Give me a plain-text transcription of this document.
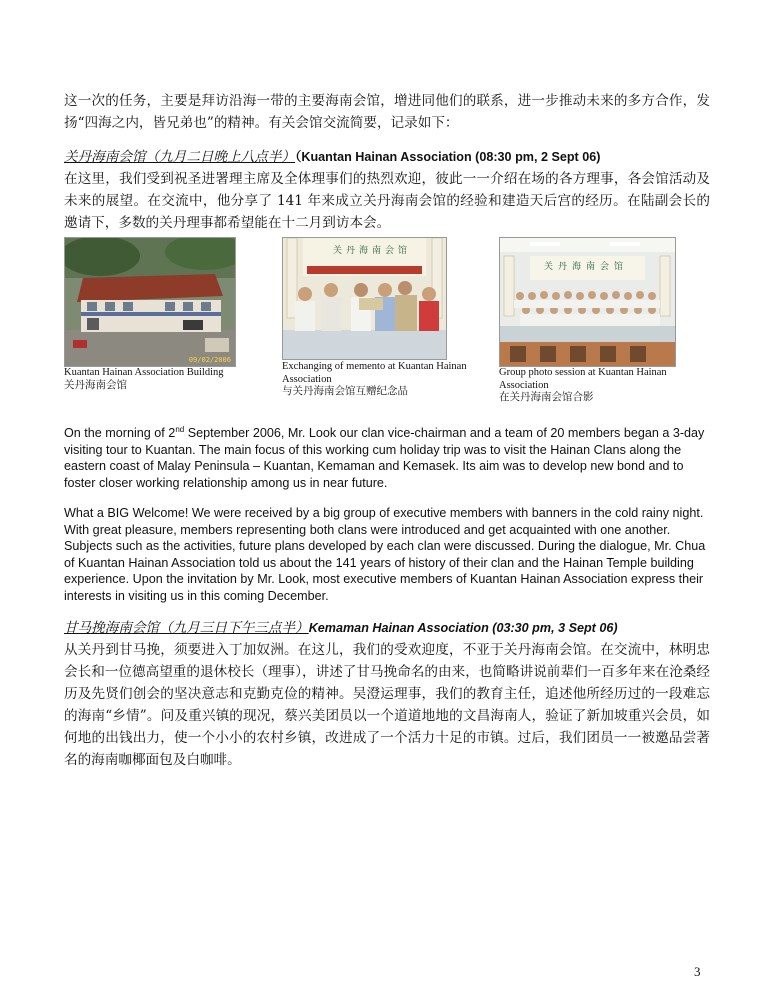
这一次的任务，主要是拜访沿海一带的主要海南会馆，增进同他们的联系，进一步推动未来的多方合作，发扬“四海之内，皆兄弟也”的精神。有关会馆交流简要，记录如下：

关丹海南会馆（九月二日晚上八点半）（Kuantan Hainan Association (08:30 pm, 2 Sept 06)
在这里，我们受到祝圣进署理主席及全体理事们的热烈欢迎，彼此一一介绍在场的各方理事，各会馆活动及未来的展望。在交流中，他分享了 141 年来成立关丹海南会馆的经验和建造天后宫的经历。在陆副会长的邀请下，多数的关丹理事都希望能在十二月到访本会。

09/02/2006

Kuantan Hainan Association Building
关丹海南会馆

关丹海南会馆

Exchanging of memento at Kuantan Hainan Association
与关丹海南会馆互赠纪念品

关丹海南会馆

Group photo session at Kuantan Hainan Association
在关丹海南会馆合影

On the morning of 2nd September 2006, Mr. Look our clan vice-chairman and a team of 20 members began a 3-day visiting tour to Kuantan. The main focus of this working cum holiday trip was to visit the Hainan Clans along the eastern coast of Malay Peninsula – Kuantan, Kemaman and Kemasek. Its aim was to develop new bond and to foster closer working relationship among us in near future.

What a BIG Welcome! We were received by a big group of executive members with banners in the cold rainy night. With great pleasure, members representing both clans were introduced and get acquainted with one another. Subjects such as the activities, future plans developed by each clan were discussed. During the dialogue, Mr. Chua of Kuantan Hainan Association told us about the 141 years of history of their clan and the Hainan Temple building experience. Upon the invitation by Mr. Look, most executive members of Kuantan Hainan Association express their interests in visiting us in this coming December.

甘马挽海南会馆（九月三日下午三点半）Kemaman Hainan Association (03:30 pm, 3 Sept 06)
从关丹到甘马挽，须要进入丁加奴洲。在这儿，我们的受欢迎度，不亚于关丹海南会馆。在交流中，林明忠会长和一位德高望重的退休校长（理事），讲述了甘马挽命名的由来，也简略讲说前辈们一百多年来在沧桑经历及先贤们创会的坚决意志和克勤克俭的精神。吴澄运理事，我们的教育主任，追述他所经历过的一段难忘的海南“乡情”。问及重兴镇的现况，蔡兴美团员以一个道道地地的文昌海南人，验证了新加坡重兴会员，如何地的出钱出力，使一个小小的农村乡镇，改进成了一个活力十足的市镇。过后，我们团员一一被邀品尝著名的海南咖椰面包及白咖啡。

3
